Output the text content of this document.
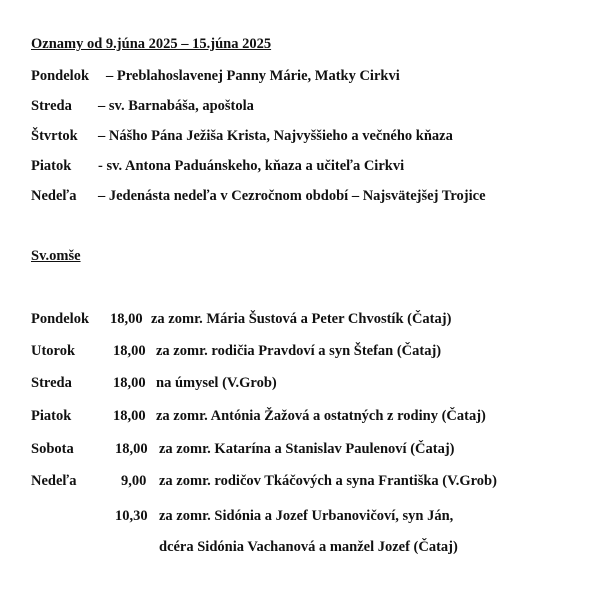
Oznamy od 9.júna 2025 – 15.júna 2025
Pondelok – Preblahoslavenej Panny Márie, Matky Cirkvi
Streda – sv. Barnabáša, apoštola
Štvrtok – Nášho Pána Ježiša Krista, Najvyššieho a večného kňaza
Piatok - sv. Antona Paduánskeho, kňaza a učiteľa Cirkvi
Nedeľa – Jedenásta nedeľa v Cezročnom období – Najsvätejšej Trojice
Sv.omše
Pondelok 18,00 za zomr. Mária Šustová a Peter Chvostík (Čataj)
Utorok	18,00 za zomr. rodičia Pravdoví a syn Štefan (Čataj)
Streda	18,00 na úmysel (V.Grob)
Piatok	18,00 za zomr. Antónia Žažová a ostatných z rodiny (Čataj)
Sobota	18,00 za zomr. Katarína a Stanislav Paulenoví (Čataj)
Nedeľa	9,00 za zomr. rodičov Tkáčových a syna Františka (V.Grob)
10,30 za zomr. Sidónia a Jozef Urbanovičoví, syn Ján,
dcéra Sidónia Vachanová a manžel Jozef (Čataj)
